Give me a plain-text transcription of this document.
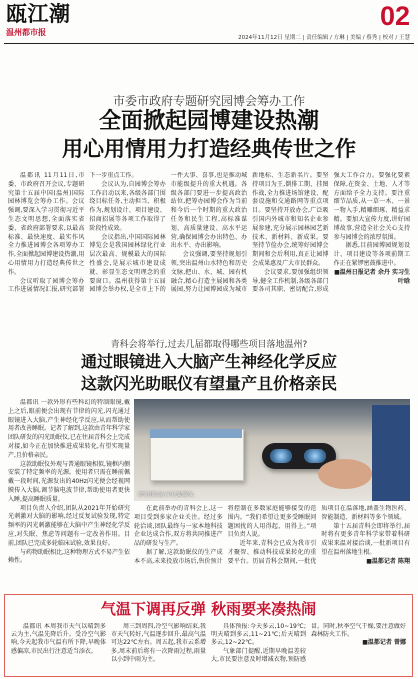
瓯江潮
温州都市报
02
2024年11月12日 星期二 | 责任编辑 / 方琳 | 美编 / 蔡秀 | 校对 / 王慧
市委市政府专题研究园博会筹办工作
全面掀起园博建设热潮
用心用情用力打造经典传世之作

温都讯 11月11日,市委、市政府召开会议,专题研究第十五届中国(温州)国际园林博览会筹办工作。会议强调,要深入学习贯彻习近平生态文明思想,全面落实省委、省政府部署要求,以最高标准、最快速度、最实作风全力推进园博会各项筹办工作,全面掀起园博建设热潮,用心用情用力打造经典传世之作。

会议听取了园博会筹办工作进展情况汇报,研究部署下一步重点工作。

会议认为,自园博会筹办工作启动以来,各级各部门围绕目标任务,主动担当、积极作为,规划设计、项目建设、招商招展等各项工作取得了阶段性成效。

会议指出,中国国际园林博览会是我国园林绿化行业层次最高、规模最大的国际性盛会,是展示城市建设成就、彰显生态文明理念的重要窗口。温州获得第十五届园博会举办权,是全市上下的一件大事、喜事,也是推动城市能级提升的重大机遇。各级各部门要进一步提高政治站位,把筹办园博会作为当前和今后一个时期的重大政治任务和民生工程,高标准谋划、高质量建设、高水平运营,确保园博会办出特色、办出水平、办出影响。

会议强调,要坚持规划引领,突出温州山水特色和历史文脉,把山、水、城、园有机融合,精心打造主展园和各类展园,努力让园博园成为城市新地标、生态新名片。要坚持项目为王,倒排工期、挂图作战,全力推进场馆建设、配套设施和交通路网等重点项目。要坚持开放办会,广泛吸引国内外城市和知名企业参展参建,充分展示园林园艺新技术、新材料、新成果。要坚持节俭办会,统筹好园博会期间和会后利用,真正让园博会成果惠及广大市民群众。

会议要求,要加强组织领导,健全工作机制,各级各部门要各司其职、密切配合,形成强大工作合力。要强化要素保障,在资金、土地、人才等方面给予全力支持。要注重细节品质,从一草一木、一景一物入手,精雕细琢、精益求精。要加大宣传力度,讲好园博故事,营造全社会关心支持参与园博会的浓厚氛围。

据悉,目前园博园规划设计、项目建设等各项前期工作正在紧锣密鼓推进中。

■温州日报记者 余丹 实习生 叶晗

青科会将举行,过去几届都取得哪些项目落地温州?
通过眼镜进入大脑产生神经化学反应
这款闪光助眠仪有望量产且价格亲民

温都讯 一款外形有些科幻的特制眼镜,戴上之后,眼前便会出现有节律的闪光,闪光通过眼镜进入大脑,产生神经化学反应,从而帮助使用者改善睡眠。记者了解到,这款由青年科学家团队研发的闪光助眠仪,已在往届青科会上完成对接,如今正在加快推进成果转化,有望实现量产,且价格亲民。

这款助眠仪外观与普通眼镜相似,镜框内侧安装了特定频率的光源。使用者只需在睡前佩戴一段时间,光源发出的40Hz闪光便会经视网膜传入大脑,调节脑电波节律,帮助使用者更快入睡,提高睡眠质量。

项目负责人介绍,团队从2021年开始研究光刺激对大脑的影响,经过反复试验发现,特定频率的闪光刺激能够在大脑中产生神经化学反应,对失眠、焦虑等问题有一定改善作用。目前,团队已完成多轮临床试验,效果良好。

与药物助眠相比,这种物理方式不易产生依赖性。

研发团队展示闪光助眠仪。

在此前举办的青科会上,这一项目受到多家企业关注。经过多轮洽谈,团队最终与一家本地科技企业达成合作,双方将共同推进产品的研发与生产。

据了解,这款助眠仪的生产成本不高,未来投放市场后,售价预计将控制在多数家庭能够接受的范围内。“我们希望让更多受睡眠问题困扰的人用得起、用得上。”项目负责人说。

近年来,青科会已成为我市引才聚智、推动科技成果转化的重要平台。历届青科会期间,一批优质项目在温落地,涵盖生物医药、智能制造、新材料等多个领域。

第十五届青科会即将举行,届时将有更多青年科学家带着科研成果来温对接洽谈,一批新项目有望在温州落地生根。

■温都记者 陈翔

气温下调再反弹 秋雨要来凑热闹

温都讯 本周我市天气以晴到多云为主,气温先降后升。受冷空气影响,今天起我市气温有所下降,早晚体感偏凉,市民出行注意适当添衣。

周三到周四,冷空气影响结束,我市天气转好,气温逐步回升,最高气温可达22℃左右。周五起,我市云系增多,周末前后将有一次降雨过程,雨量以小到中雨为主。

具体预报:今天多云,10~19℃;明天晴到多云,11~21℃;后天晴到多云,12~22℃。

气象部门提醒,近期早晚温差较大,市民要注意及时增减衣物,预防感冒。同时,秋季空气干燥,要注意做好森林防火工作。

■温都记者 曾娜
